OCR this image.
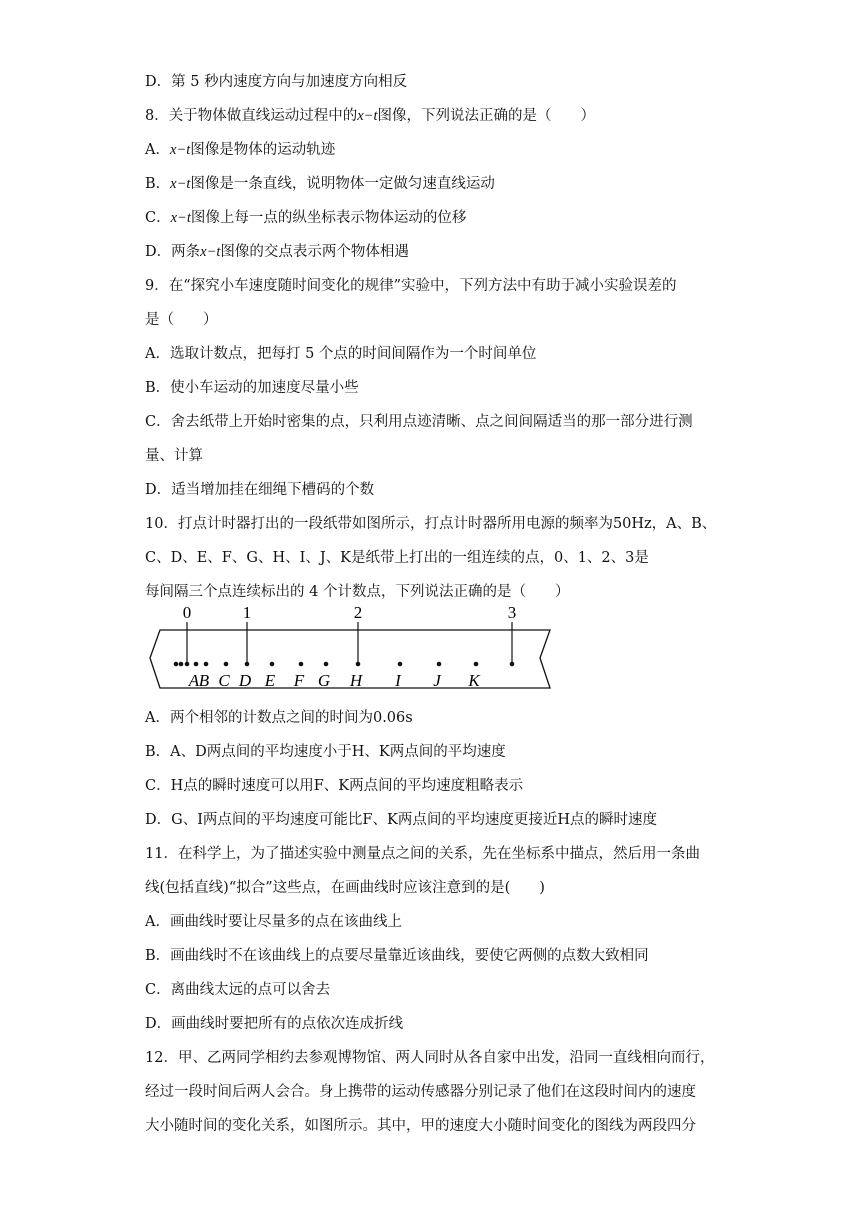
D．第 5 秒内速度方向与加速度方向相反
8．关于物体做直线运动过程中的x−t图像，下列说法正确的是（　　）
A．x−t图像是物体的运动轨迹
B．x−t图像是一条直线，说明物体一定做匀速直线运动
C．x−t图像上每一点的纵坐标表示物体运动的位移
D．两条x−t图像的交点表示两个物体相遇
9．在“探究小车速度随时间变化的规律”实验中，下列方法中有助于减小实验误差的
是（　　）
A．选取计数点，把每打 5 个点的时间间隔作为一个时间单位
B．使小车运动的加速度尽量小些
C．舍去纸带上开始时密集的点，只利用点迹清晰、点之间间隔适当的那一部分进行测
量、计算
D．适当增加挂在细绳下槽码的个数
10．打点计时器打出的一段纸带如图所示，打点计时器所用电源的频率为50Hz，A、B、
C、D、E、F、G、H、I、J、K是纸带上打出的一组连续的点，0、1、2、3是
每间隔三个点连续标出的 4 个计数点，下列说法正确的是（　　）
A．两个相邻的计数点之间的时间为0.06s
B．A、D两点间的平均速度小于H、K两点间的平均速度
C．H点的瞬时速度可以用F、K两点间的平均速度粗略表示
D．G、I两点间的平均速度可能比F、K两点间的平均速度更接近H点的瞬时速度
11．在科学上，为了描述实验中测量点之间的关系，先在坐标系中描点，然后用一条曲
线(包括直线)“拟合”这些点，在画曲线时应该注意到的是(　　)
A．画曲线时要让尽量多的点在该曲线上
B．画曲线时不在该曲线上的点要尽量靠近该曲线，要使它两侧的点数大致相同
C．离曲线太远的点可以舍去
D．画曲线时要把所有的点依次连成折线
12．甲、乙两同学相约去参观博物馆、两人同时从各自家中出发，沿同一直线相向而行，
经过一段时间后两人会合。身上携带的运动传感器分别记录了他们在这段时间内的速度
大小随时间的变化关系，如图所示。其中，甲的速度大小随时间变化的图线为两段四分
A B C D E F G H I J K
0	1	2	3
